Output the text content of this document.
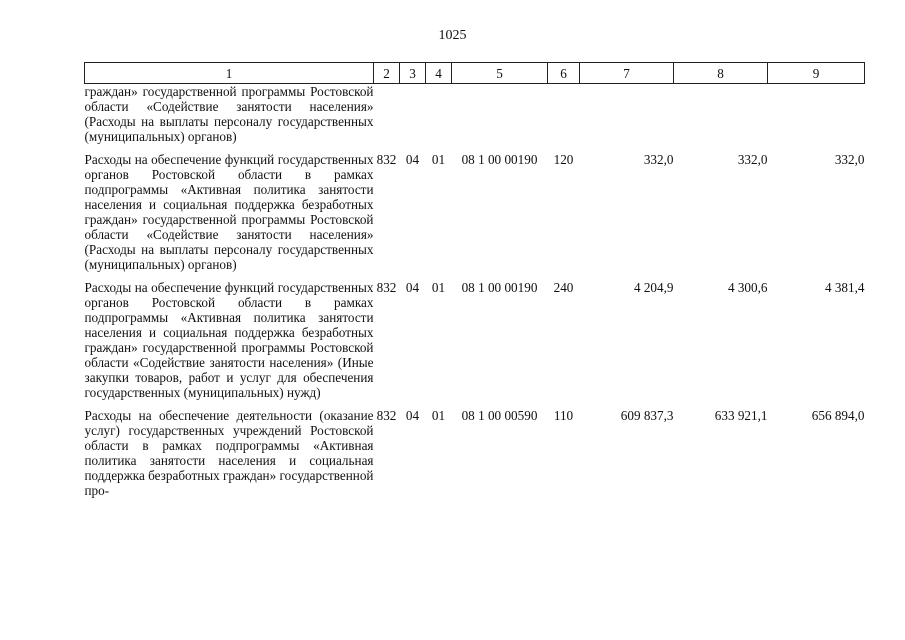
1025
1	2	3	4	5	6	7	8	9
граждан» государственной программы Ростовской области «Содействие занятости населения» (Расходы на выплаты персоналу государственных (муниципальных) органов)								
Расходы на обеспечение функций государственных органов Ростовской области в рамках подпрограммы «Активная политика занятости населения и социальная поддержка безработных граждан» государственной программы Ростовской области «Содействие занятости населения» (Расходы на выплаты персоналу государственных (муниципальных) органов)	832	04	01	08 1 00 00190	120	332,0	332,0	332,0
Расходы на обеспечение функций государственных органов Ростовской области в рамках подпрограммы «Активная политика занятости населения и социальная поддержка безработных граждан» государственной программы Ростовской области «Содействие занятости населения» (Иные закупки товаров, работ и услуг для обеспечения государственных (муниципальных) нужд)	832	04	01	08 1 00 00190	240	4 204,9	4 300,6	4 381,4
Расходы на обеспечение деятельности (оказание услуг) государственных учреждений Ростовской области в рамках подпрограммы «Активная политика занятости населения и социальная поддержка безработных граждан» государственной про-	832	04	01	08 1 00 00590	110	609 837,3	633 921,1	656 894,0
